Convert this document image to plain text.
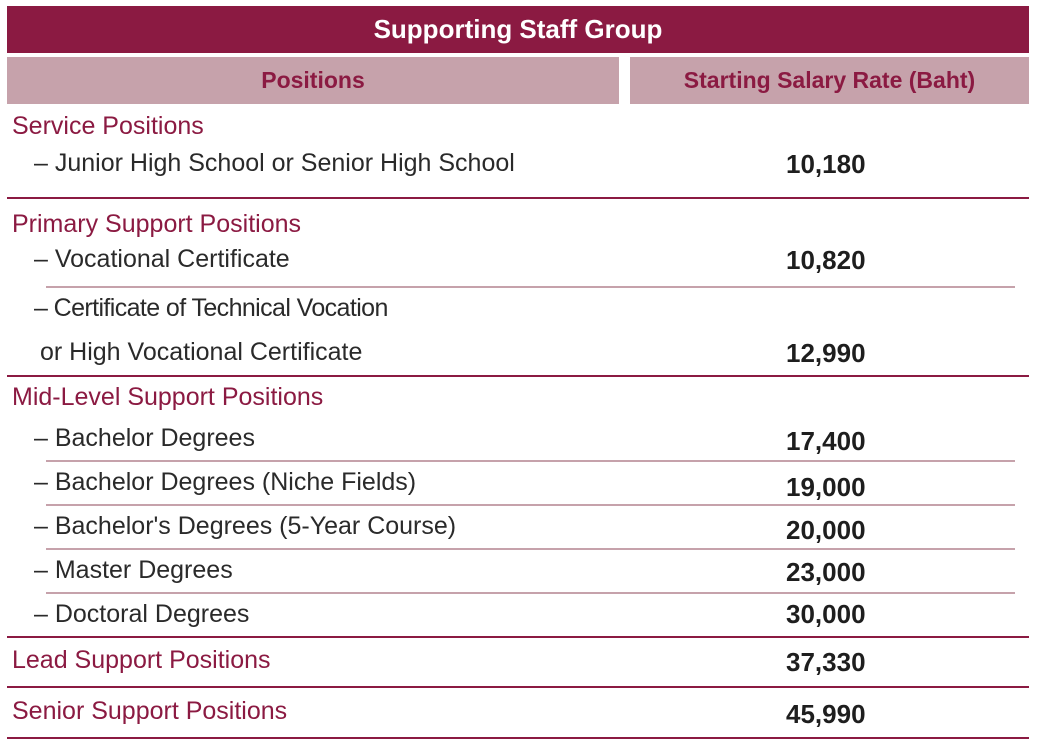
Supporting Staff Group
Positions	Starting Salary Rate (Baht)
Service Positions
– Junior High School or Senior High School	10,180
Primary Support Positions
– Vocational Certificate	10,820
– Certificate of Technical Vocation
or High Vocational Certificate	12,990
Mid-Level Support Positions
– Bachelor Degrees	17,400
– Bachelor Degrees (Niche Fields)	19,000
– Bachelor's Degrees (5-Year Course)	20,000
– Master Degrees	23,000
– Doctoral Degrees	30,000
Lead Support Positions	37,330
Senior Support Positions	45,990
